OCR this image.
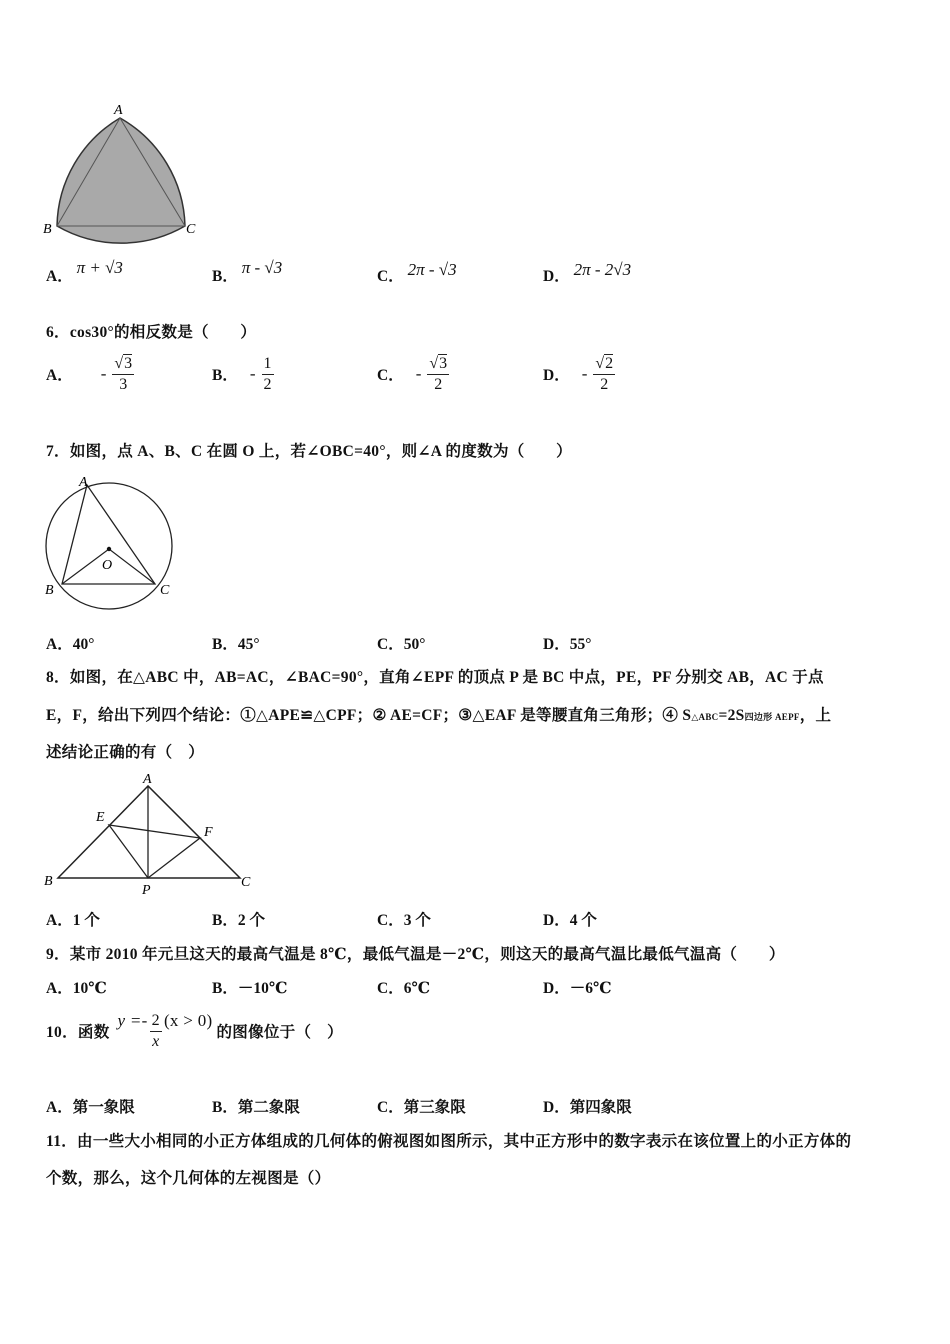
A
B	C
A． π + √3	B． π - √3	C． 2π - √3	D． 2π - 2√3
6．cos30°的相反数是（　　）
A． - $\frac{√3}{3}$	B． - $\frac{1}{2}$	C． - $\frac{√3}{2}$	D． - $\frac{√2}{2}$
7．如图，点 A、B、C 在圆 O 上，若∠OBC=40°，则∠A 的度数为（　　）
A
B	C
O
A．40°	B．45°	C．50°	D．55°
8．如图，在△ABC 中，AB=AC，∠BAC=90°，直角∠EPF 的顶点 P 是 BC 中点，PE，PF 分别交 AB，AC 于点
E，F，给出下列四个结论：①△APE≌△CPF；② AE=CF；③△EAF 是等腰直角三角形；④ S△ABC=2S四边形 AEPF，上
述结论正确的有（　）
A
B	C
E
F
P
A．1 个	B．2 个	C．3 个	D．4 个
9．某市 2010 年元旦这天的最高气温是 8℃，最低气温是－2℃，则这天的最高气温比最低气温高（　　）
A．10℃	B．－10℃	C．6℃	D．－6℃
10．函数
$y =- \frac{2}{x} (x > 0)$
的图像位于（　）
A．第一象限	B．第二象限	C．第三象限	D．第四象限
11．由一些大小相同的小正方体组成的几何体的俯视图如图所示，其中正方形中的数字表示在该位置上的小正方体的
个数，那么，这个几何体的左视图是（）
